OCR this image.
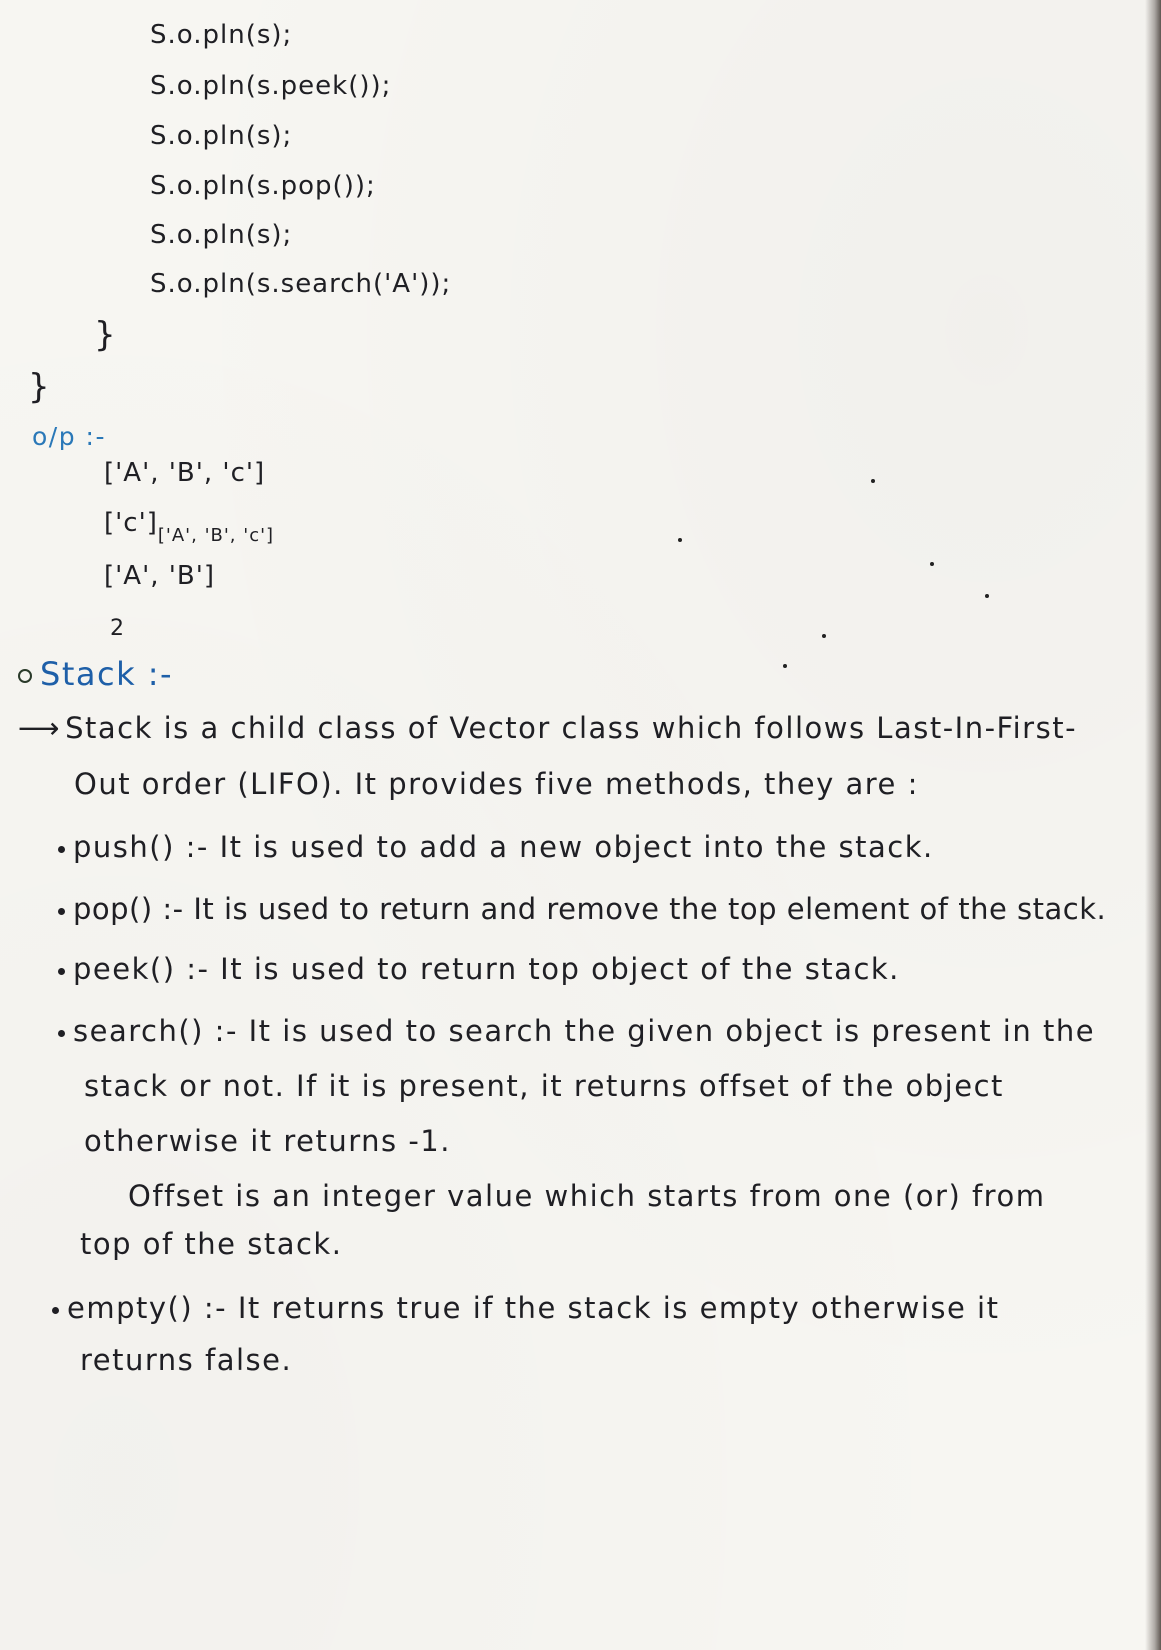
S.o.pln(s);
S.o.pln(s.peek());
S.o.pln(s);
S.o.pln(s.pop());
S.o.pln(s);
S.o.pln(s.search('A'));
}
}
o/p :-
['A', 'B', 'c']
$['c']_{['A', 'B', 'c']}$
['A', 'B']
2
Stack :-
⟶ Stack is a child class of Vector class which follows Last-In-First-
Out order (LIFO). It provides five methods, they are :
push() :- It is used to add a new object into the stack.
pop() :- It is used to return and remove the top element of the stack.
peek() :- It is used to return top object of the stack.
search() :- It is used to search the given object is present in the
stack or not. If it is present, it returns offset of the object
otherwise it returns -1.
Offset is an integer value which starts from one (or) from
top of the stack.
empty() :- It returns true if the stack is empty otherwise it
returns false.
